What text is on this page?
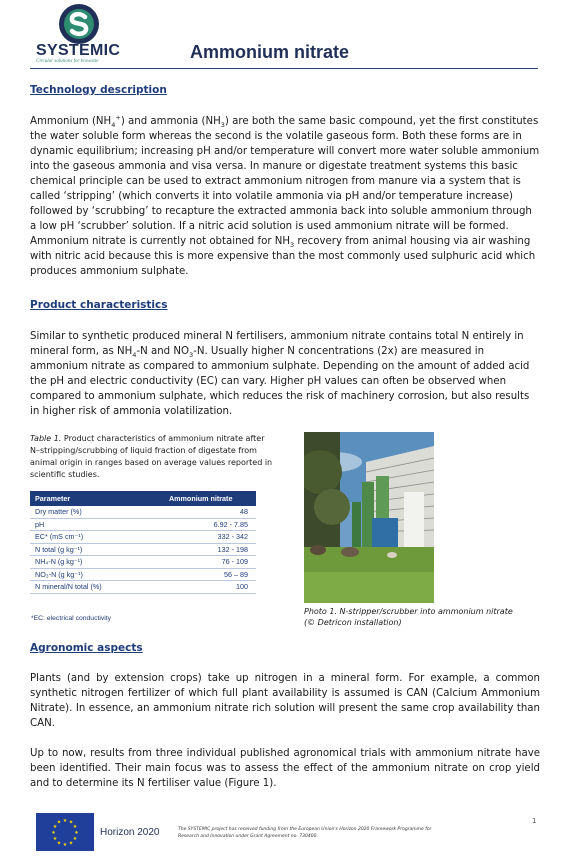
SYSTEMIC
Circular solutions for biowaste	Ammonium nitrate
Technology description
Ammonium $(NH_4^+)$ and ammonia $(NH_3)$ are both the same basic compound, yet the first constitutes the water soluble form whereas the second is the volatile gaseous form. Both these forms are in dynamic equilibrium; increasing pH and/or temperature will convert more water soluble ammonium into the gaseous ammonia and visa versa. In manure or digestate treatment systems this basic chemical principle can be used to extract ammonium nitrogen from manure via a system that is called ‘stripping’ (which converts it into volatile ammonia via pH and/or temperature increase) followed by ‘scrubbing’ to recapture the extracted ammonia back into soluble ammonium through a low pH ‘scrubber’ solution. If a nitric acid solution is used ammonium nitrate will be formed. Ammonium nitrate is currently not obtained for $NH_3$ recovery from animal housing via air washing with nitric acid because this is more expensive than the most commonly used sulphuric acid which produces ammonium sulphate.
Product characteristics
Similar to synthetic produced mineral N fertilisers, ammonium nitrate contains total N entirely in mineral form, as $NH_4-N$ and $NO_3-N$. Usually higher N concentrations (2x) are measured in ammonium nitrate as compared to ammonium sulphate. Depending on the amount of added acid the pH and electric conductivity (EC) can vary. Higher pH values can often be observed when compared to ammonium sulphate, which reduces the risk of machinery corrosion, but also results in higher risk of ammonia volatilization.
Table 1. Product characteristics of ammonium nitrate after N–stripping/scrubbing of liquid fraction of digestate from animal origin in ranges based on average values reported in scientific studies.
Parameter	Ammonium nitrate
Dry matter (%)	48
pH	6.92 - 7.85
EC* (mS cm⁻¹)	332 - 342
N total (g kg⁻¹)	132 - 198
NH₄-N (g kg⁻¹)	76 - 109
NO₃-N (g kg⁻¹)	56 – 89
N mineral/N total (%)	100
*EC: electrical conductivity
Photo 1. N-stripper/scrubber into ammonium nitrate (© Detricon installation)
Agronomic aspects
Plants (and by extension crops) take up nitrogen in a mineral form. For example, a common synthetic nitrogen fertilizer of which full plant availability is assumed is CAN (Calcium Ammonium Nitrate). In essence, an ammonium nitrate rich solution will present the same crop availability than CAN.
Up to now, results from three individual published agronomical trials with ammonium nitrate have been identified. Their main focus was to assess the effect of the ammonium nitrate on crop yield and to determine its N fertiliser value (Figure 1).
★ ★
★
★
★
★
★
★
★
★
★
★
Horizon 2020	The SYSTEMIC project has received funding from the European Union's Horizon 2020 Framework Programme for Research and Innovation under Grant Agreement no. 730400.
1
